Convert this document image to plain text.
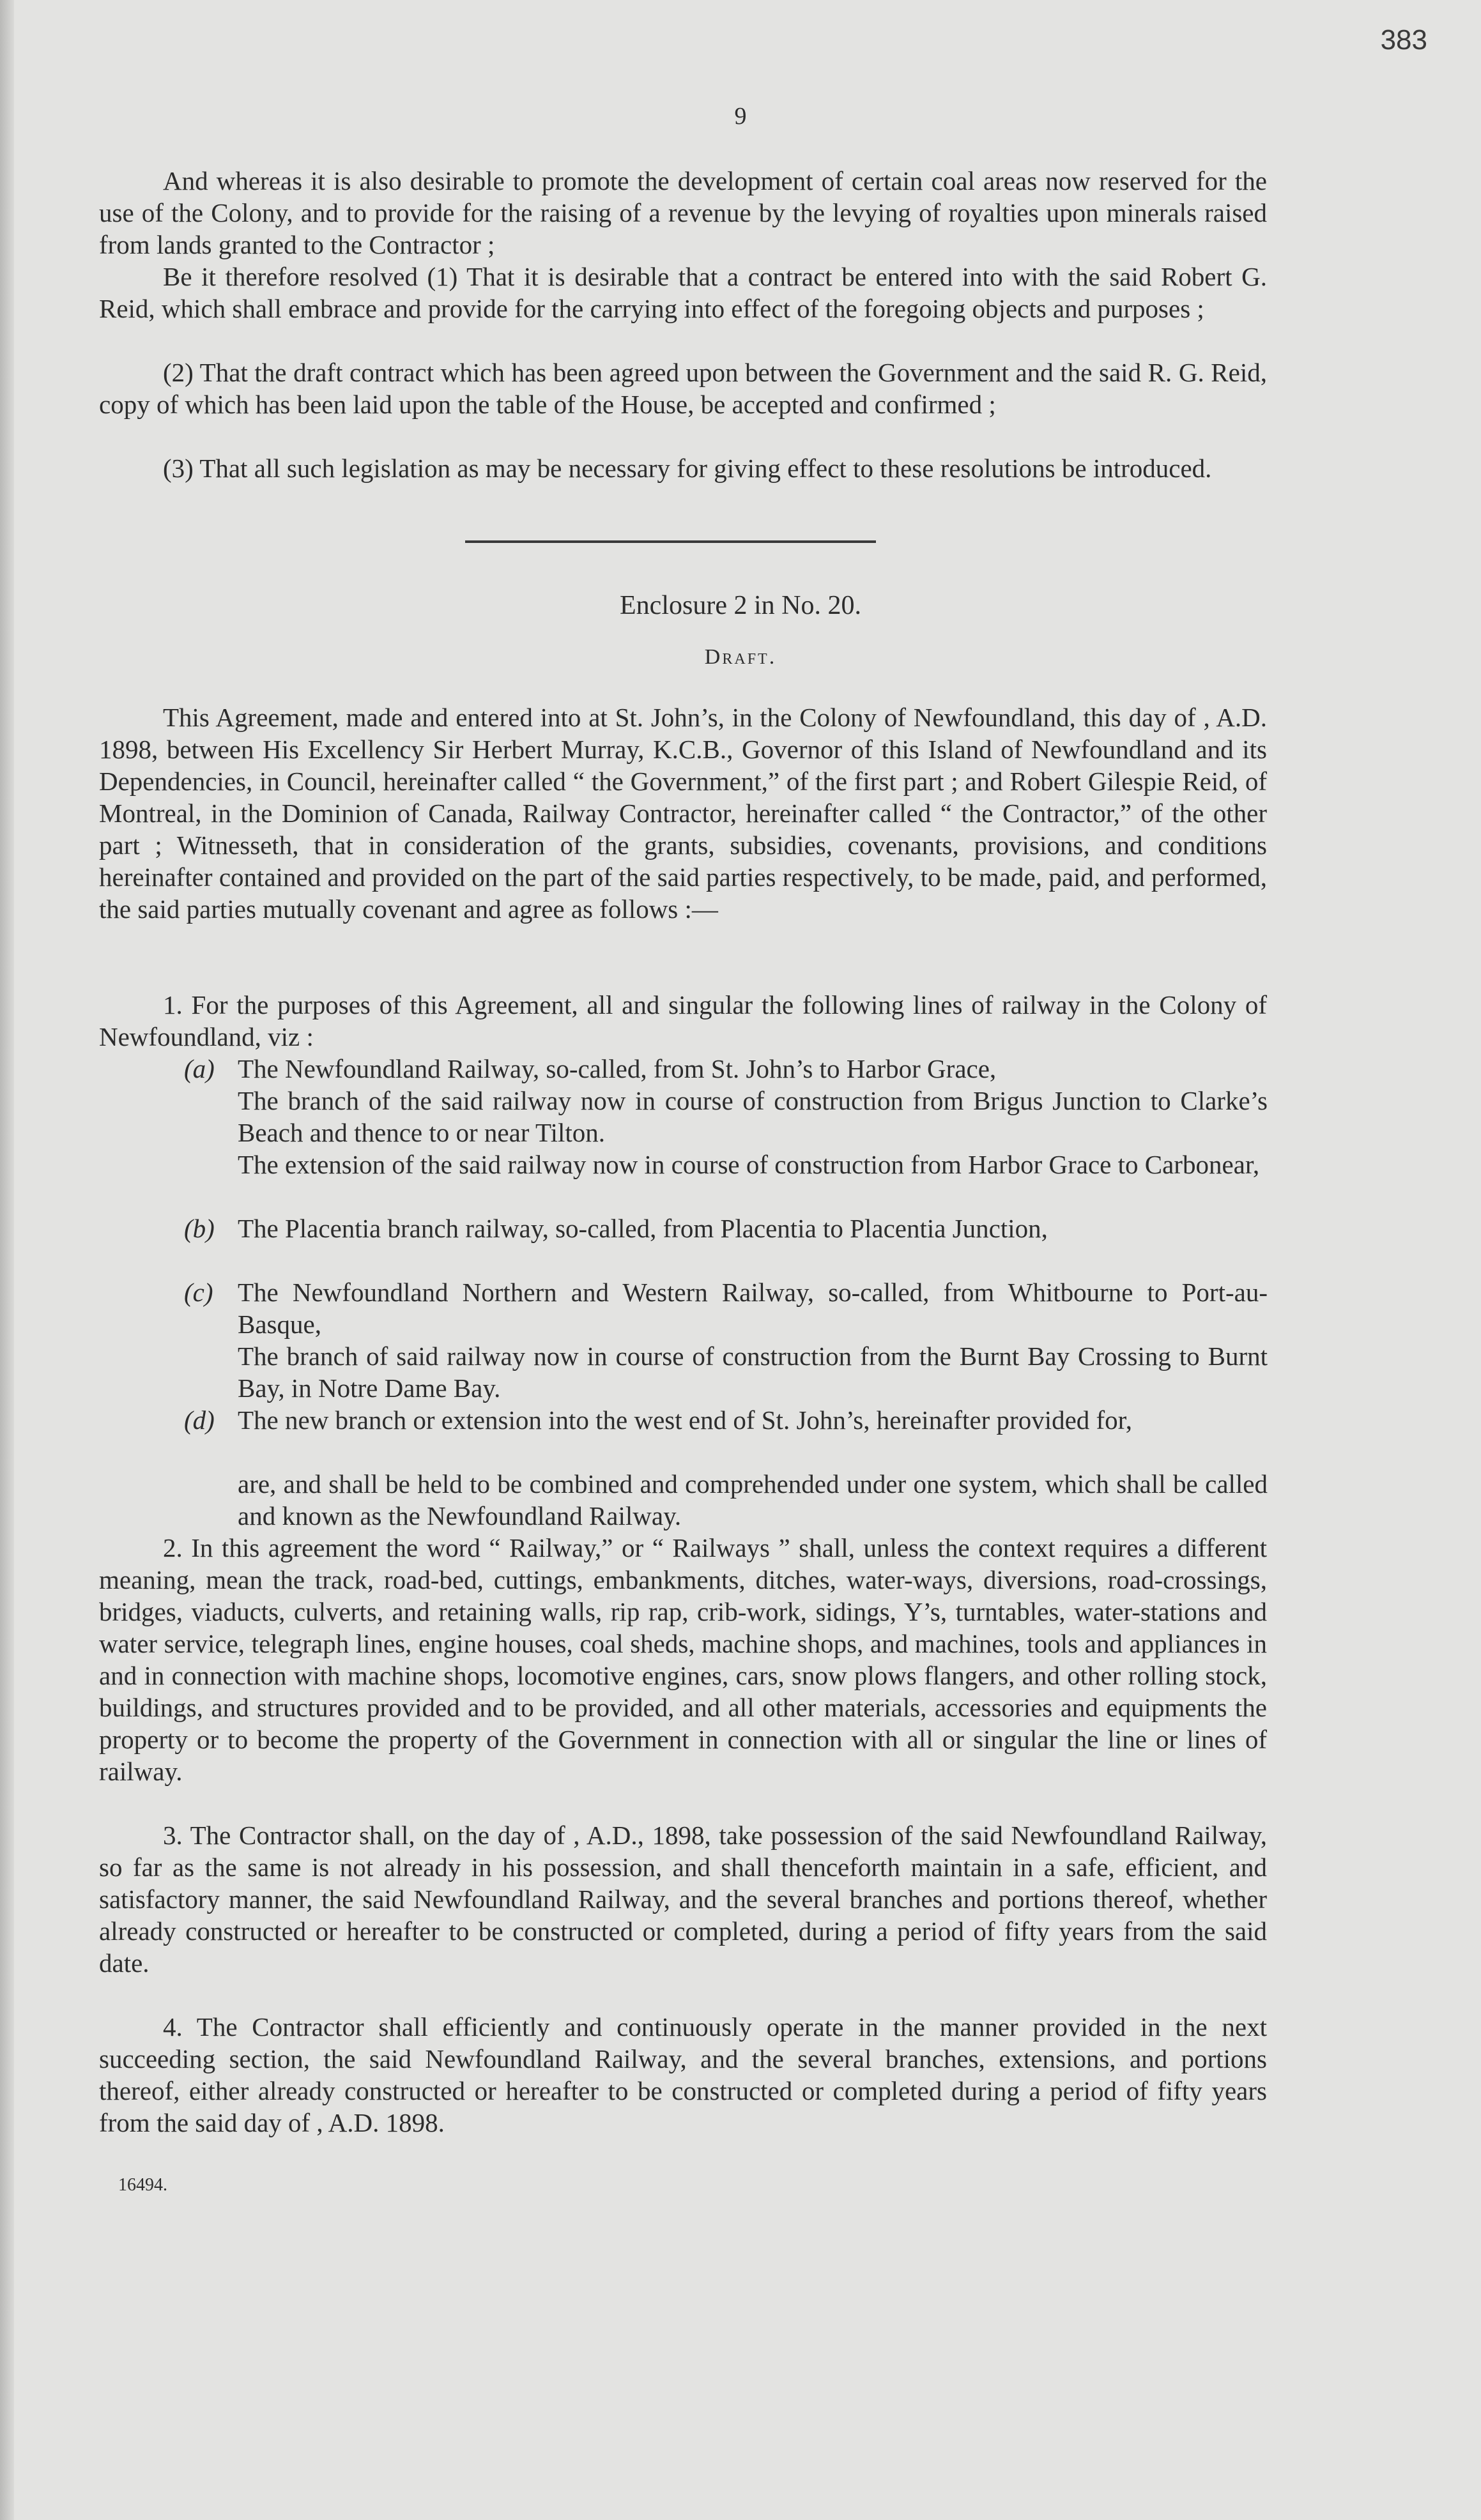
383
9

And whereas it is also desirable to promote the development of certain coal areas now reserved for the use of the Colony, and to provide for the raising of a revenue by the levying of royalties upon minerals raised from lands granted to the Contractor ;

Be it therefore resolved (1) That it is desirable that a contract be entered into with the said Robert G. Reid, which shall embrace and provide for the carrying into effect of the foregoing objects and purposes ;

(2) That the draft contract which has been agreed upon between the Government and the said R. G. Reid, copy of which has been laid upon the table of the House, be accepted and confirmed ;

(3) That all such legislation as may be necessary for giving effect to these resolutions be introduced.

Enclosure 2 in No. 20.
Draft.

This Agreement, made and entered into at St. John’s, in the Colony of Newfoundland, this day of , A.D. 1898, between His Excellency Sir Herbert Murray, K.C.B., Governor of this Island of Newfoundland and its Dependencies, in Council, hereinafter called “ the Government,” of the first part ; and Robert Gilespie Reid, of Montreal, in the Dominion of Canada, Railway Contractor, hereinafter called “ the Contractor,” of the other part ; Witnesseth, that in consideration of the grants, subsidies, covenants, provisions, and conditions hereinafter contained and provided on the part of the said parties respectively, to be made, paid, and performed, the said parties mutually covenant and agree as follows :—

1. For the purposes of this Agreement, all and singular the following lines of railway in the Colony of Newfoundland, viz :

(a) The Newfoundland Railway, so-called, from St. John’s to Harbor Grace,
The branch of the said railway now in course of construction from Brigus Junction to Clarke’s Beach and thence to or near Tilton.
The extension of the said railway now in course of construction from Harbor Grace to Carbonear,
(b) The Placentia branch railway, so-called, from Placentia to Placentia Junction,
(c) The Newfoundland Northern and Western Railway, so-called, from Whitbourne to Port-au-Basque,
The branch of said railway now in course of construction from the Burnt Bay Crossing to Burnt Bay, in Notre Dame Bay.
(d) The new branch or extension into the west end of St. John’s, hereinafter provided for,
are, and shall be held to be combined and comprehended under one system, which shall be called and known as the Newfoundland Railway.

2. In this agreement the word “ Railway,” or “ Railways ” shall, unless the context requires a different meaning, mean the track, road-bed, cuttings, embankments, ditches, water-ways, diversions, road-crossings, bridges, viaducts, culverts, and retaining walls, rip rap, crib-work, sidings, Y’s, turntables, water-stations and water service, telegraph lines, engine houses, coal sheds, machine shops, and machines, tools and appliances in and in connection with machine shops, locomotive engines, cars, snow plows flangers, and other rolling stock, buildings, and structures provided and to be provided, and all other materials, accessories and equipments the property or to become the property of the Government in connection with all or singular the line or lines of railway.

3. The Contractor shall, on the day of , A.D., 1898, take possession of the said Newfoundland Railway, so far as the same is not already in his possession, and shall thenceforth maintain in a safe, efficient, and satisfactory manner, the said Newfoundland Railway, and the several branches and portions thereof, whether already constructed or hereafter to be constructed or completed, during a period of fifty years from the said date.

4. The Contractor shall efficiently and continuously operate in the manner provided in the next succeeding section, the said Newfoundland Railway, and the several branches, extensions, and portions thereof, either already constructed or hereafter to be constructed or completed during a period of fifty years from the said day of , A.D. 1898.

16494.
